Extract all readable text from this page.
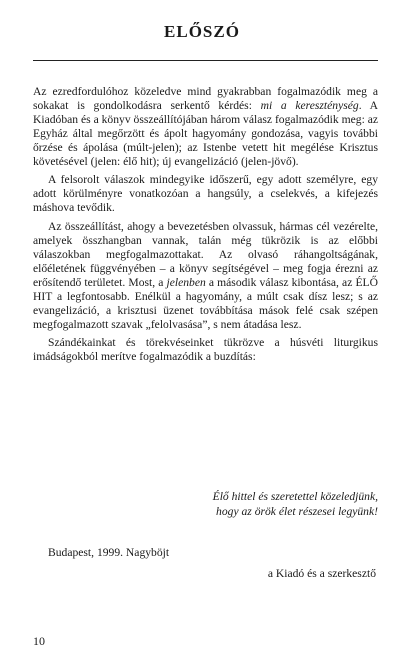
ELŐSZÓ

Az ezredfordulóhoz közeledve mind gyakrabban fogalmazódik meg a sokakat is gondolkodásra serkentő kérdés: mi a kereszténység. A Kiadóban és a könyv összeállítójában három válasz fogalmazódik meg: az Egyház által megőrzött és ápolt hagyomány gondozása, vagyis további őrzése és ápolása (múlt-jelen); az Istenbe vetett hit megélése Krisztus követésével (jelen: élő hit); új evangelizáció (jelen-jövő).

A felsorolt válaszok mindegyike időszerű, egy adott személyre, egy adott körülményre vonatkozóan a hangsúly, a cselekvés, a kifejezés máshova tevődik.

Az összeállítást, ahogy a bevezetésben olvassuk, hármas cél vezérelte, amelyek összhangban vannak, talán még tükrözik is az előbbi válaszokban megfogalmazottakat. Az olvasó ráhangoltságának, előéletének függvényében – a könyv segítségével – meg fogja érezni az erősítendő területet. Most, a jelenben a második válasz kibontása, az ÉLŐ HIT a legfontosabb. Enélkül a hagyomány, a múlt csak dísz lesz; s az evangelizáció, a krisztusi üzenet továbbítása mások felé csak szépen megfogalmazott szavak „felolvasása”, s nem átadása lesz.

Szándékainkat és törekvéseinket tükrözve a húsvéti liturgikus imádságokból merítve fogalmazódik a buzdítás:

Élő hittel és szeretettel közeledjünk,
hogy az örök élet részesei legyünk!
Budapest, 1999. Nagyböjt
a Kiadó és a szerkesztő
10
